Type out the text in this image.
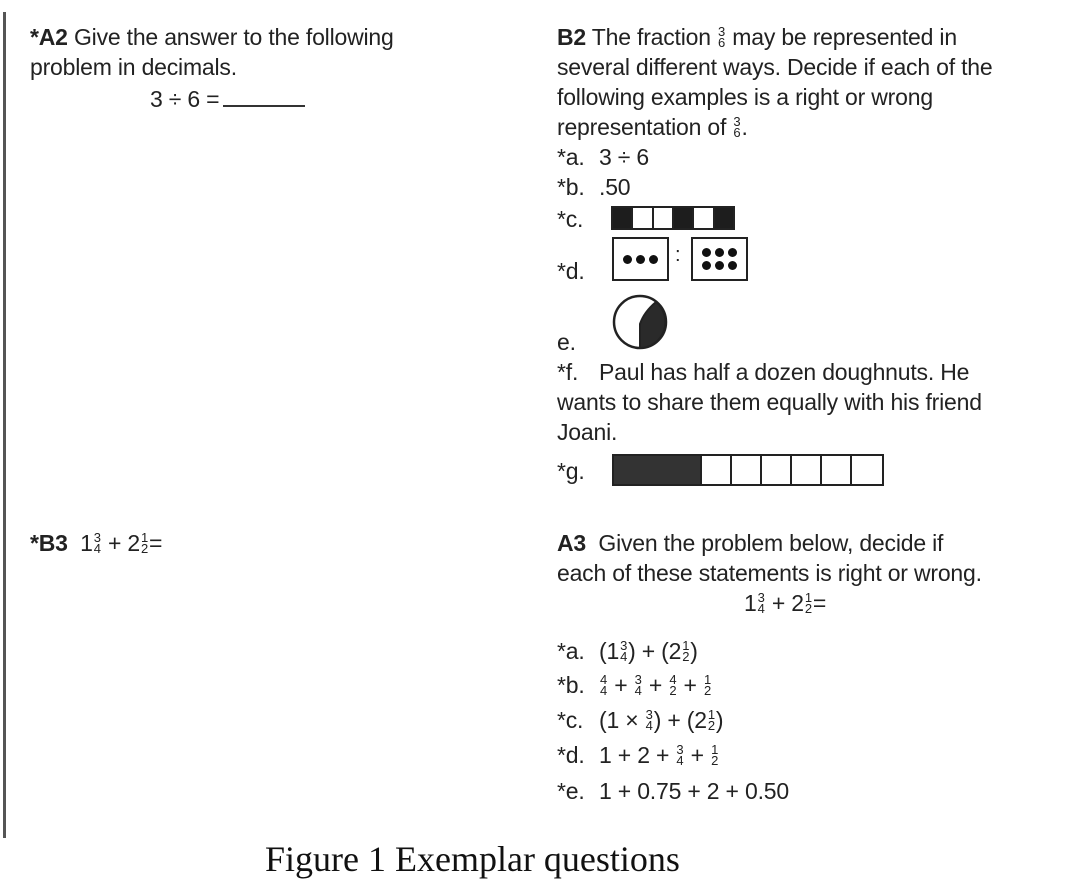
*A2 Give the answer to the following
problem in decimals.
3 ÷ 6 =
B2 The fraction 3
6 may be represented in
several different ways. Decide if each of the
following examples is a right or wrong
representation of 3
6 .
*a. 3 ÷ 6
*b. .50
*c.
*d.
:
e.
*f. Paul has half a dozen doughnuts. He
wants to share them equally with his friend
Joani.
*g.
*B3 1 3
4 + 2 1
2 =	A3 Given the problem below, decide if
each of these statements is right or wrong.
1 3
4 + 2 1
2 =
*a. (1 3
4 ) + (2 1
2 )
*b. 4
4 + 3
4 + 4
2 + 1
2
*c. (1 × 3
4 ) + (2 1
2 )
*d. 1 + 2 + 3
4 + 1
2
*e. 1 + 0.75 + 2 + 0.50
Figure 1 Exemplar questions
